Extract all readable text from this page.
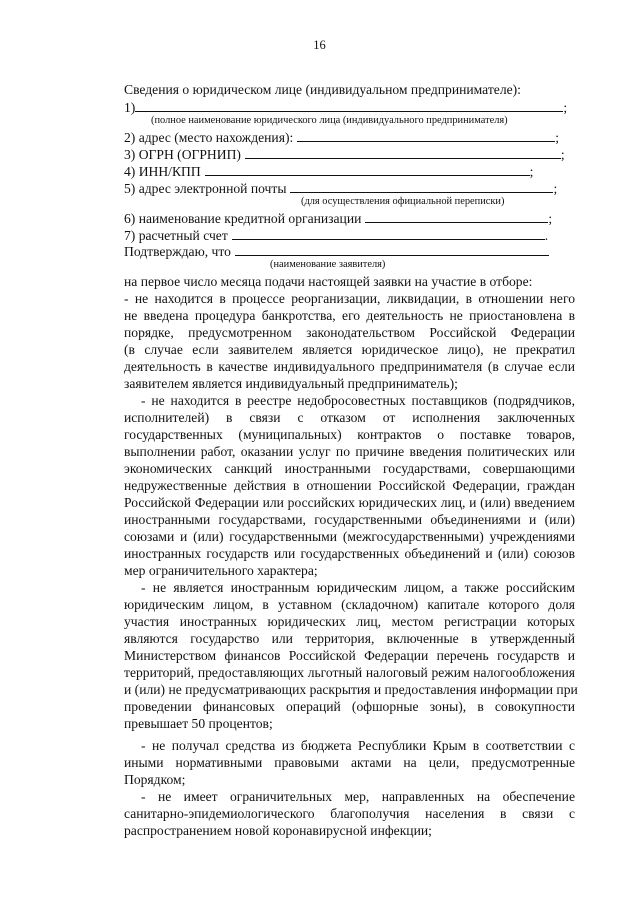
16
Сведения о юридическом лице (индивидуальном предпринимателе):
1)	;
(полное наименование юридического лица (индивидуального предпринимателя)
2) адрес (место нахождения):	;
3) ОГРН (ОГРНИП)	;
4) ИНН/КПП	;
5) адрес электронной почты	;
(для осуществления официальной переписки)
6) наименование кредитной организации	;
7) расчетный счет	.
Подтверждаю, что
(наименование заявителя)
на первое число месяца подачи настоящей заявки на участие в отборе:
- не находится в процессе реорганизации, ликвидации, в отношении него
не введена процедура банкротства, его деятельность не приостановлена в
порядке, предусмотренном законодательством Российской Федерации
(в случае если заявителем является юридическое лицо), не прекратил
деятельность в качестве индивидуального предпринимателя (в случае если
заявителем является индивидуальный предприниматель);
- не находится в реестре недобросовестных поставщиков (подрядчиков,
исполнителей) в связи с отказом от исполнения заключенных
государственных (муниципальных) контрактов о поставке товаров,
выполнении работ, оказании услуг по причине введения политических или
экономических санкций иностранными государствами, совершающими
недружественные действия в отношении Российской Федерации, граждан
Российской Федерации или российских юридических лиц, и (или) введением
иностранными государствами, государственными объединениями и (или)
союзами и (или) государственными (межгосударственными) учреждениями
иностранных государств или государственных объединений и (или) союзов
мер ограничительного характера;
- не является иностранным юридическим лицом, а также российским
юридическим лицом, в уставном (складочном) капитале которого доля
участия иностранных юридических лиц, местом регистрации которых
являются государство или территория, включенные в утвержденный
Министерством финансов Российской Федерации перечень государств и
территорий, предоставляющих льготный налоговый режим налогообложения
и (или) не предусматривающих раскрытия и предоставления информации при
проведении финансовых операций (офшорные зоны), в совокупности
превышает 50 процентов;
- не получал средства из бюджета Республики Крым в соответствии с
иными нормативными правовыми актами на цели, предусмотренные
Порядком;
- не имеет ограничительных мер, направленных на обеспечение
санитарно-эпидемиологического благополучия населения в связи с
распространением новой коронавирусной инфекции;
